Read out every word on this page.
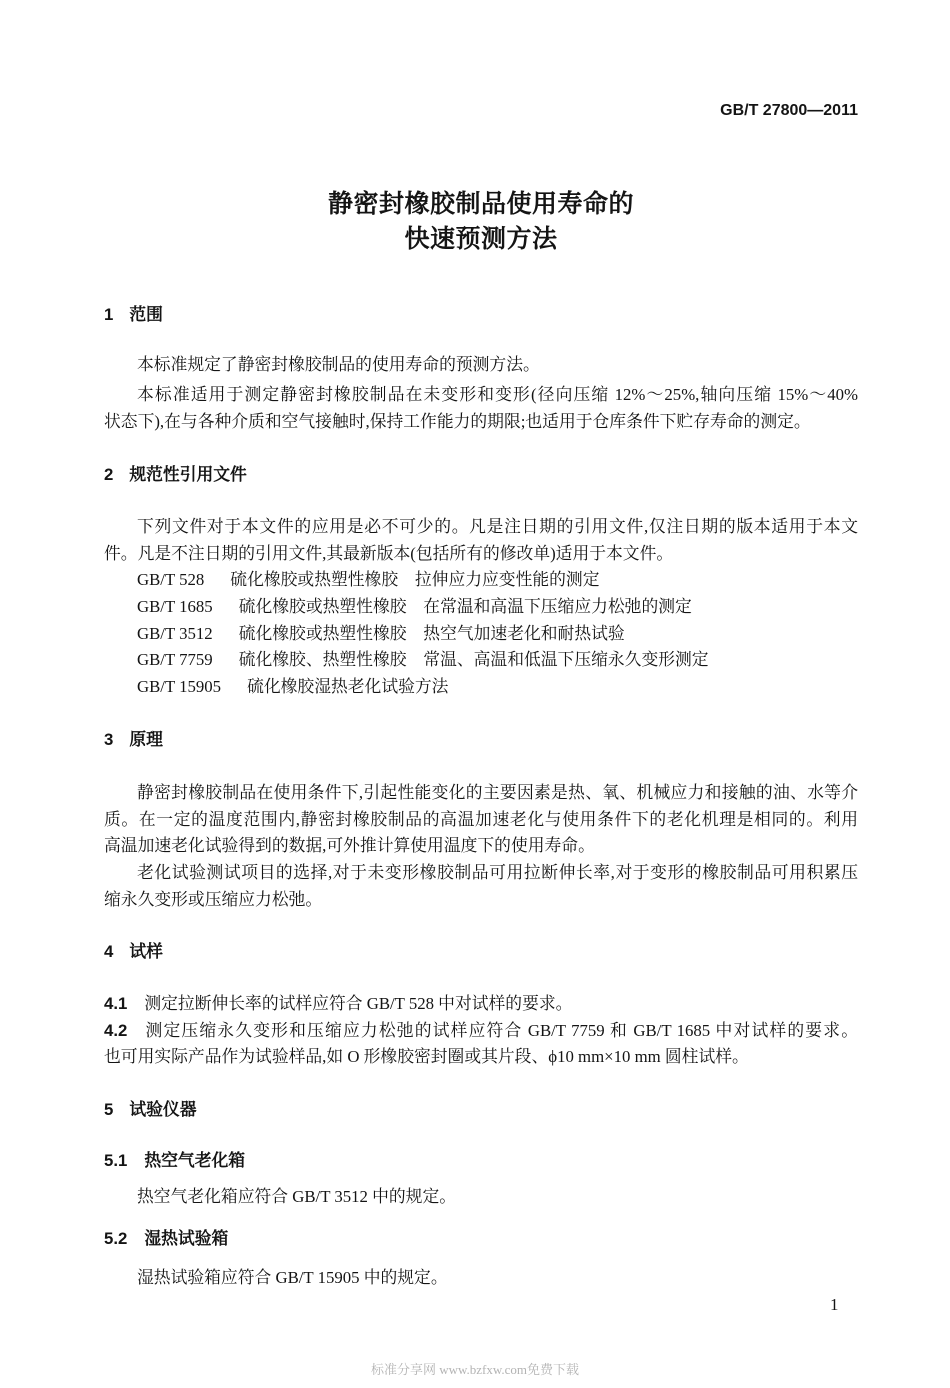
GB/T 27800—2011
静密封橡胶制品使用寿命的
快速预测方法
1 范围
本标准规定了静密封橡胶制品的使用寿命的预测方法。
本标准适用于测定静密封橡胶制品在未变形和变形(径向压缩 12%～25%,轴向压缩 15%～40%
状态下),在与各种介质和空气接触时,保持工作能力的期限;也适用于仓库条件下贮存寿命的测定。
2 规范性引用文件
下列文件对于本文件的应用是必不可少的。凡是注日期的引用文件,仅注日期的版本适用于本文
件。凡是不注日期的引用文件,其最新版本(包括所有的修改单)适用于本文件。
GB/T 528 硫化橡胶或热塑性橡胶　拉伸应力应变性能的测定
GB/T 1685 硫化橡胶或热塑性橡胶　在常温和高温下压缩应力松弛的测定
GB/T 3512 硫化橡胶或热塑性橡胶　热空气加速老化和耐热试验
GB/T 7759 硫化橡胶、热塑性橡胶　常温、高温和低温下压缩永久变形测定
GB/T 15905 硫化橡胶湿热老化试验方法
3 原理
静密封橡胶制品在使用条件下,引起性能变化的主要因素是热、氧、机械应力和接触的油、水等介
质。在一定的温度范围内,静密封橡胶制品的高温加速老化与使用条件下的老化机理是相同的。利用
高温加速老化试验得到的数据,可外推计算使用温度下的使用寿命。
老化试验测试项目的选择,对于未变形橡胶制品可用拉断伸长率,对于变形的橡胶制品可用积累压
缩永久变形或压缩应力松弛。
4 试样
4.1 测定拉断伸长率的试样应符合 GB/T 528 中对试样的要求。
4.2 测定压缩永久变形和压缩应力松弛的试样应符合 GB/T 7759 和 GB/T 1685 中对试样的要求。
也可用实际产品作为试验样品,如 O 形橡胶密封圈或其片段、ϕ10 mm×10 mm 圆柱试样。
5 试验仪器
5.1 热空气老化箱
热空气老化箱应符合 GB/T 3512 中的规定。
5.2 湿热试验箱
湿热试验箱应符合 GB/T 15905 中的规定。
1
标准分享网 www.bzfxw.com免费下载
